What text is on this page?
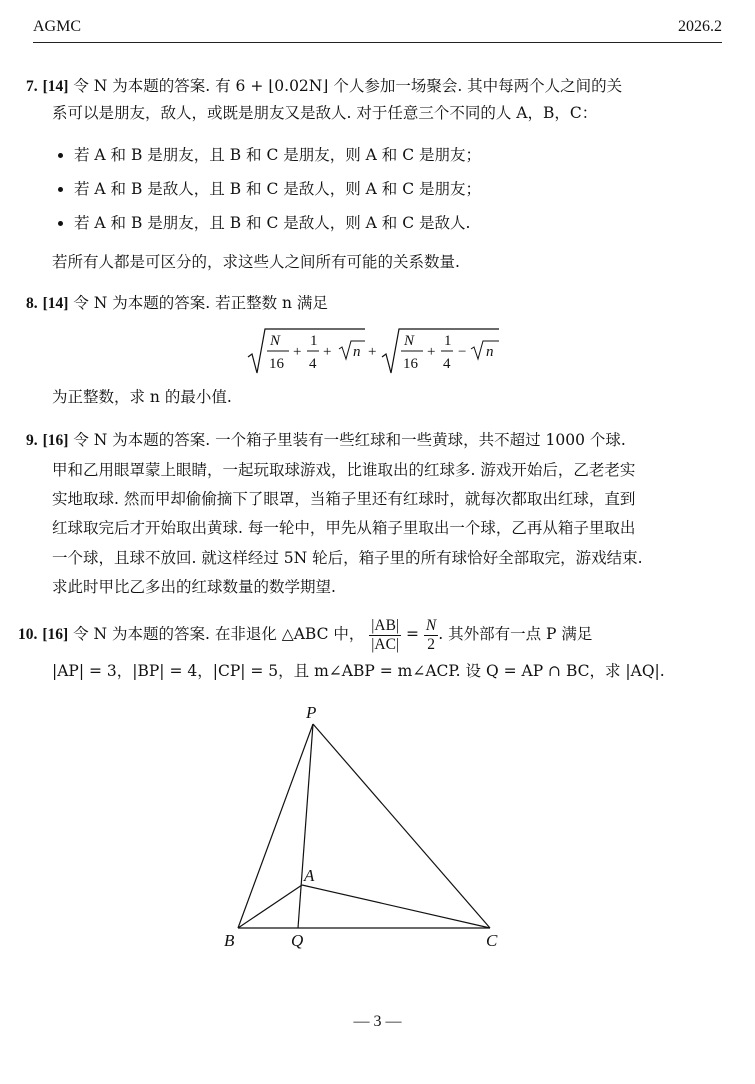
AGMC	2026.2
7. [14] 令 N 为本题的答案. 有 6 + ⌊0.02N⌋ 个人参加一场聚会. 其中每两个人之间的关
系可以是朋友，敌人，或既是朋友又是敌人. 对于任意三个不同的人 A，B，C：
若 A 和 B 是朋友，且 B 和 C 是朋友，则 A 和 C 是朋友；
若 A 和 B 是敌人，且 B 和 C 是敌人，则 A 和 C 是朋友；
若 A 和 B 是朋友，且 B 和 C 是敌人，则 A 和 C 是敌人.
若所有人都是可区分的，求这些人之间所有可能的关系数量.
8. [14] 令 N 为本题的答案. 若正整数 n 满足
N
16
+
1
4
+ n +
N
16
+
1
4
− n
为正整数，求 n 的最小值.
9. [16] 令 N 为本题的答案. 一个箱子里装有一些红球和一些黄球，共不超过 1000 个球.
甲和乙用眼罩蒙上眼睛，一起玩取球游戏，比谁取出的红球多. 游戏开始后，乙老老实
实地取球. 然而甲却偷偷摘下了眼罩，当箱子里还有红球时，就每次都取出红球，直到
红球取完后才开始取出黄球. 每一轮中，甲先从箱子里取出一个球，乙再从箱子里取出
一个球，且球不放回. 就这样经过 5N 轮后，箱子里的所有球恰好全部取完，游戏结束.
求此时甲比乙多出的红球数量的数学期望.
10. [16] 令 N 为本题的答案. 在非退化 △ABC 中， $\frac{|AB|}{|AC|} = \frac{N}{2}$ . 其外部有一点 P 满足
|AP| = 3，|BP| = 4，|CP| = 5，且 m∠ABP = m∠ACP. 设 Q = AP ∩ BC，求 |AQ|.
P
A
B	Q	C
— 3 —
